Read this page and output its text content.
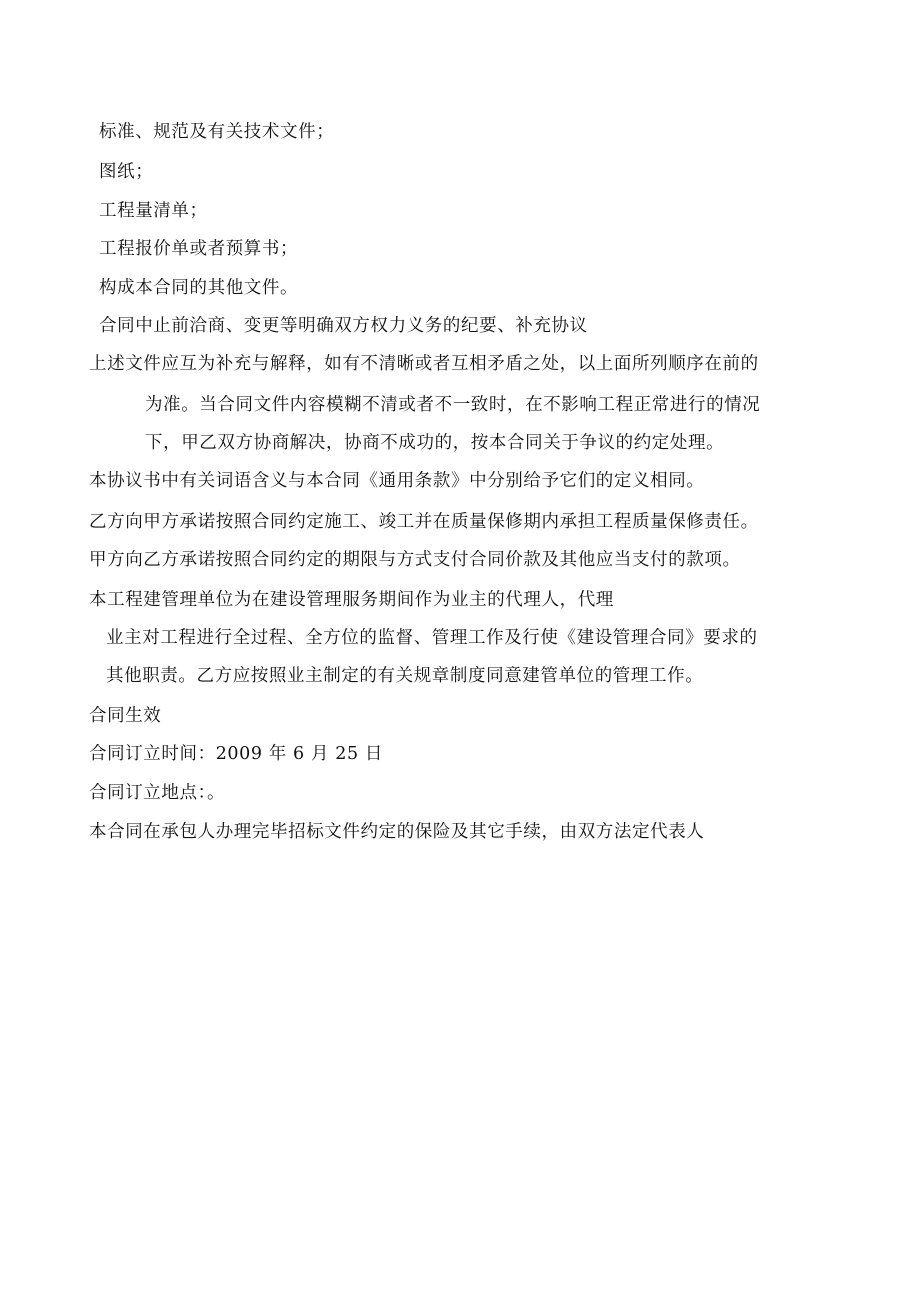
标准、规范及有关技术文件；
图纸；
工程量清单；
工程报价单或者预算书；
构成本合同的其他文件。
合同中止前洽商、变更等明确双方权力义务的纪要、补充协议
上述文件应互为补充与解释，如有不清晰或者互相矛盾之处，以上面所列顺序在前的
为准。当合同文件内容模糊不清或者不一致时，在不影响工程正常进行的情况
下，甲乙双方协商解决，协商不成功的，按本合同关于争议的约定处理。
本协议书中有关词语含义与本合同《通用条款》中分别给予它们的定义相同。
乙方向甲方承诺按照合同约定施工、竣工并在质量保修期内承担工程质量保修责任。
甲方向乙方承诺按照合同约定的期限与方式支付合同价款及其他应当支付的款项。
本工程建管理单位为在建设管理服务期间作为业主的代理人，代理
业主对工程进行全过程、全方位的监督、管理工作及行使《建设管理合同》要求的
其他职责。乙方应按照业主制定的有关规章制度同意建管单位的管理工作。
合同生效
合同订立时间：2009 年 6 月 25 日
合同订立地点：。
本合同在承包人办理完毕招标文件约定的保险及其它手续，由双方法定代表人
